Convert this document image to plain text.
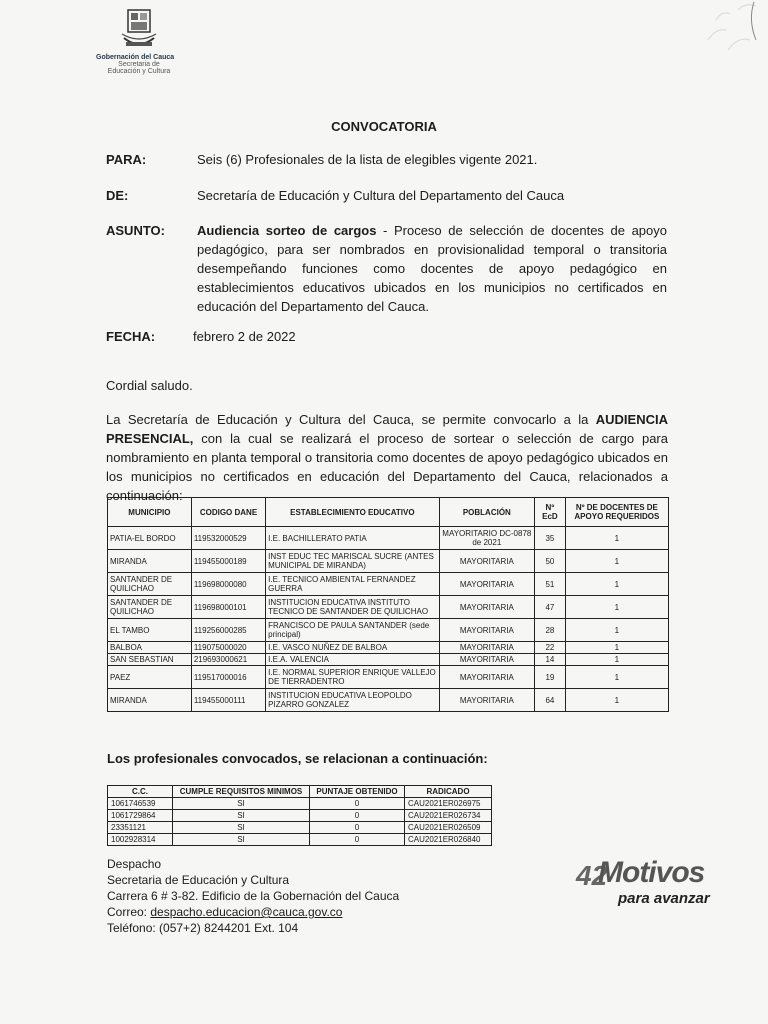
Gobernación del Cauca
Secretaria de
Educación y Cultura
CONVOCATORIA
PARA:	Seis (6) Profesionales de la lista de elegibles vigente 2021.
DE:	Secretaría de Educación y Cultura del Departamento del Cauca
ASUNTO: Audiencia sorteo de cargos - Proceso de selección de docentes de apoyo pedagógico, para ser nombrados en provisionalidad temporal o transitoria desempeñando funciones como docentes de apoyo pedagógico en establecimientos educativos ubicados en los municipios no certificados en educación del Departamento del Cauca.
FECHA:	febrero 2 de 2022
Cordial saludo.
La Secretaría de Educación y Cultura del Cauca, se permite convocarlo a la AUDIENCIA PRESENCIAL, con la cual se realizará el proceso de sortear o selección de cargo para nombramiento en planta temporal o transitoria como docentes de apoyo pedagógico ubicados en los municipios no certificados en educación del Departamento del Cauca, relacionados a continuación:
MUNICIPIO	CODIGO DANE	ESTABLECIMIENTO EDUCATIVO	POBLACIÓN	Nº EcD	Nº DE DOCENTES DE APOYO REQUERIDOS
PATIA-EL BORDO	119532000529	I.E. BACHILLERATO PATIA	MAYORITARIO DC-0878 de 2021	35	1
MIRANDA	119455000189	INST EDUC TEC MARISCAL SUCRE (ANTES MUNICIPAL DE MIRANDA)	MAYORITARIA	50	1
SANTANDER DE QUILICHAO	119698000080	I.E. TECNICO AMBIENTAL FERNANDEZ GUERRA	MAYORITARIA	51	1
SANTANDER DE QUILICHAO	119698000101	INSTITUCION EDUCATIVA INSTITUTO TECNICO DE SANTANDER DE QUILICHAO	MAYORITARIA	47	1
EL TAMBO	119256000285	FRANCISCO DE PAULA SANTANDER (sede principal)	MAYORITARIA	28	1
BALBOA	119075000020	I.E. VASCO NUÑEZ DE BALBOA	MAYORITARIA	22	1
SAN SEBASTIAN	219693000621	I.E.A. VALENCIA	MAYORITARIA	14	1
PAEZ	119517000016	I.E. NORMAL SUPERIOR ENRIQUE VALLEJO DE TIERRADENTRO	MAYORITARIA	19	1
MIRANDA	119455000111	INSTITUCION EDUCATIVA LEOPOLDO PIZARRO GONZALEZ	MAYORITARIA	64	1
Los profesionales convocados, se relacionan a continuación:
C.C.	CUMPLE REQUISITOS MINIMOS	PUNTAJE OBTENIDO	RADICADO
1061746539	SI	0	CAU2021ER026975
1061729864	SI	0	CAU2021ER026734
23351121	SI	0	CAU2021ER026509
1002928314	SI	0	CAU2021ER026840
Despacho
Secretaria de Educación y Cultura
Carrera 6 # 3-82. Edificio de la Gobernación del Cauca
Correo: despacho.educacion@cauca.gov.co
Teléfono: (057+2) 8244201 Ext. 104
42
Motivos
para avanzar
